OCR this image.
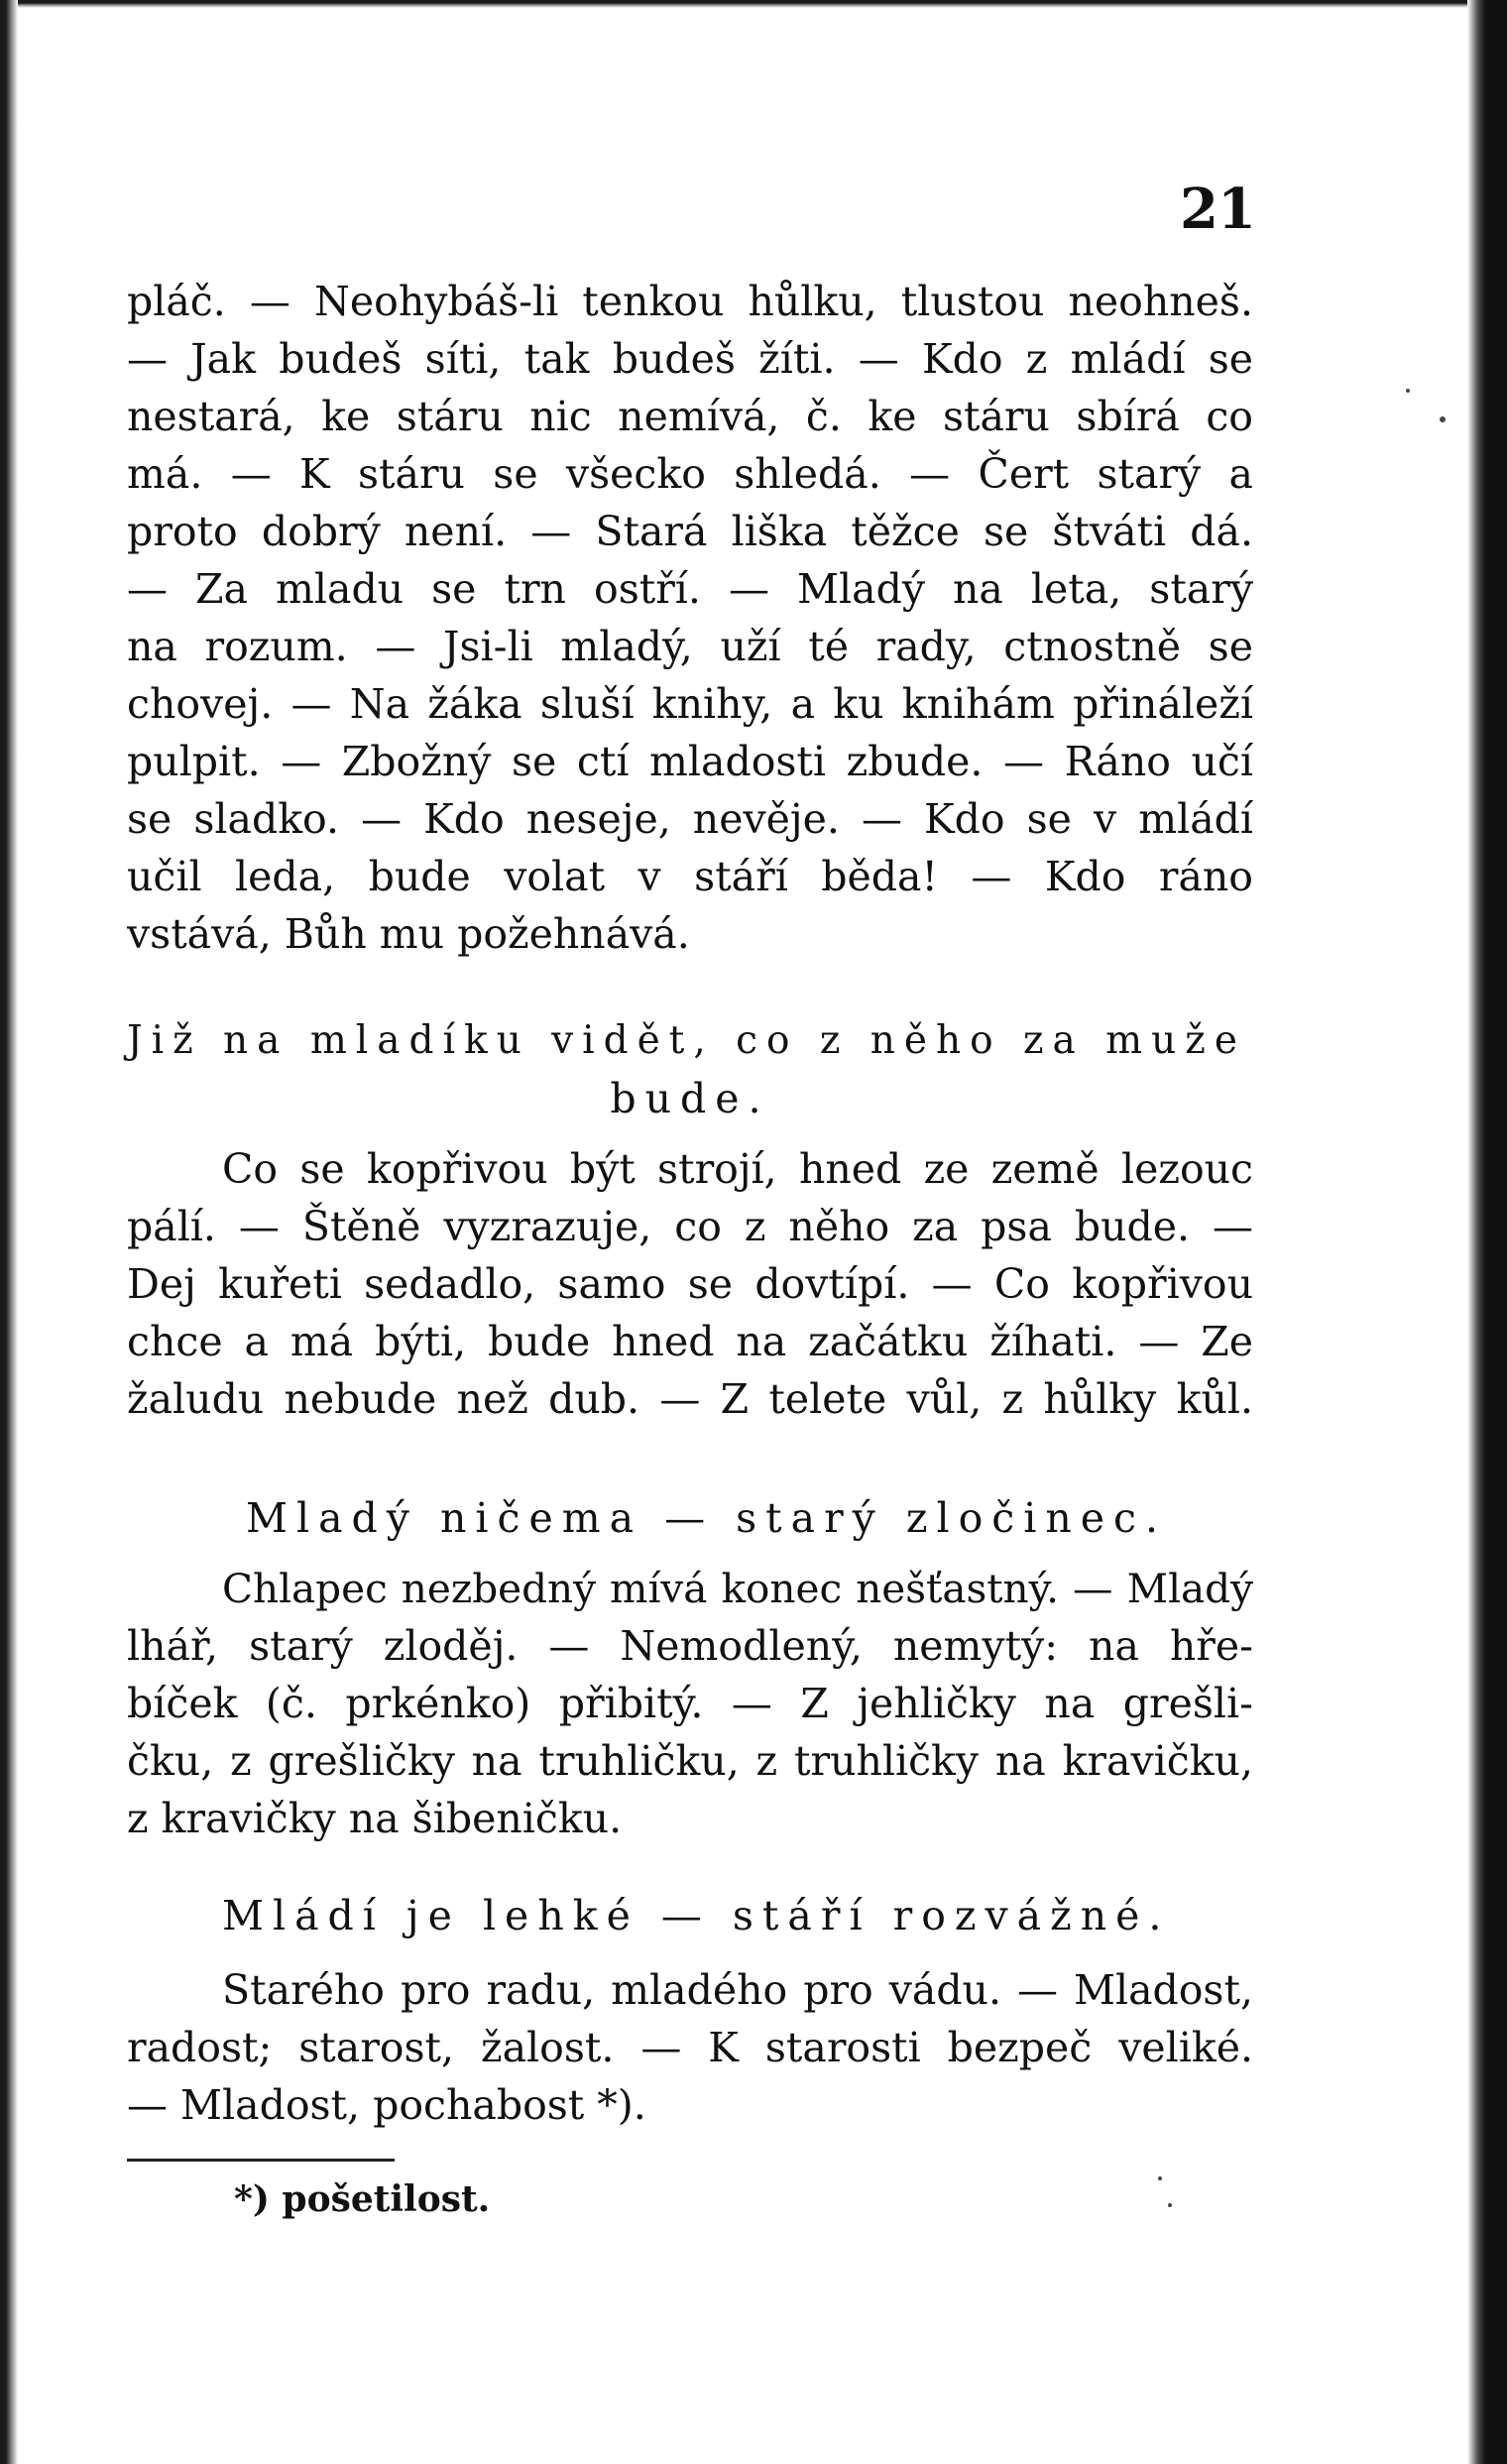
21
pláč. — Neohybáš-li tenkou hůlku, tlustou neohneš.
— Jak budeš síti, tak budeš žíti. — Kdo z mládí se
nestará, ke stáru nic nemívá, č. ke stáru sbírá co
má. — K stáru se všecko shledá. — Čert starý a
proto dobrý není. — Stará liška těžce se štváti dá.
— Za mladu se trn ostří. — Mladý na leta, starý
na rozum. — Jsi-li mladý, uží té rady, ctnostně se
chovej. — Na žáka sluší knihy, a ku knihám přináleží
pulpit. — Zbožný se ctí mladosti zbude. — Ráno učí
se sladko. — Kdo neseje, nevěje. — Kdo se v mládí
učil leda, bude volat v stáří běda! — Kdo ráno
vstává, Bůh mu požehnává.
Již na mladíku vidět, co z něho za muže
bude.
Co se kopřivou být strojí, hned ze země lezouc
pálí. — Štěně vyzrazuje, co z něho za psa bude. —
Dej kuřeti sedadlo, samo se dovtípí. — Co kopřivou
chce a má býti, bude hned na začátku žíhati. — Ze
žaludu nebude než dub. — Z telete vůl, z hůlky kůl.
Mladý ničema — starý zločinec.
Chlapec nezbedný mívá konec nešťastný. — Mladý
lhář, starý zloděj. — Nemodlený, nemytý: na hře-
bíček (č. prkénko) přibitý. — Z jehličky na grešli-
čku, z grešličky na truhličku, z truhličky na kravičku,
z kravičky na šibeničku.
Mládí je lehké — stáří rozvážné.
Starého pro radu, mladého pro vádu. — Mladost,
radost; starost, žalost. — K starosti bezpeč veliké.
— Mladost, pochabost *).
*) pošetilost.
